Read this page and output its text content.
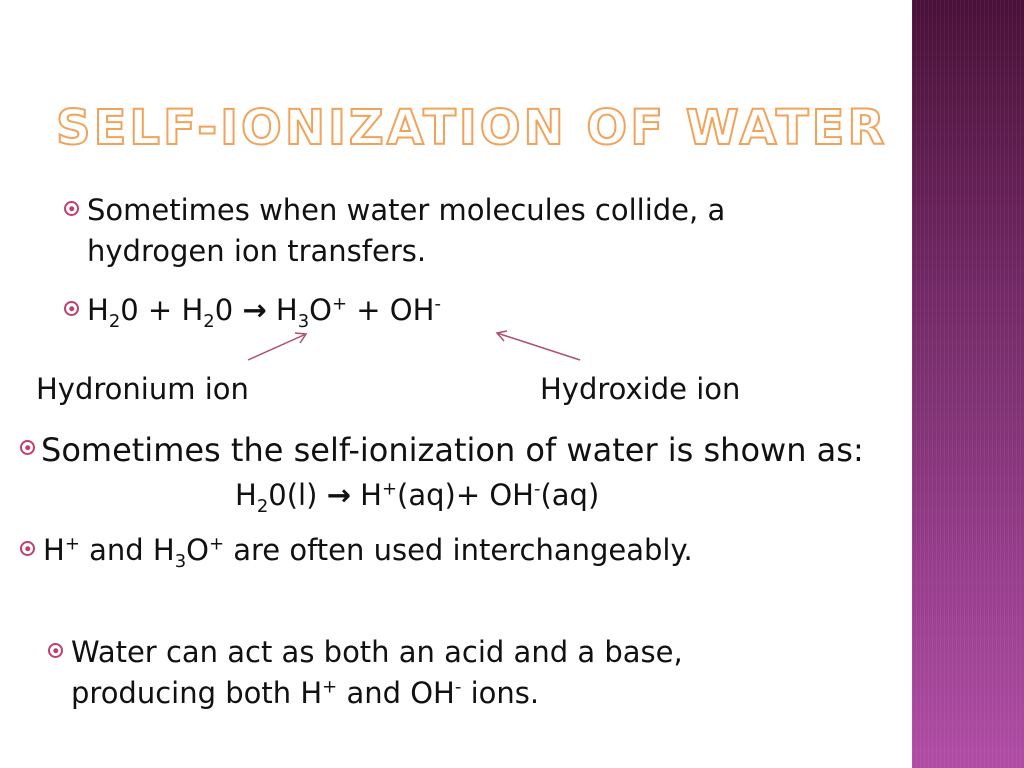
SELF-IONIZATION OF WATER
Sometimes when water molecules collide, a hydrogen ion transfers.
$H_20 + H_20 \to H_3O^+ + OH^-$
Hydronium ion	Hydroxide ion
Sometimes the self-ionization of water is shown as:
$H_20(l) \to H^+(aq)+ OH^-(aq)$
H+ and $H_3O^+$ are often used interchangeably.
Water can act as both an acid and a base,
producing both H+ and OH- ions.
